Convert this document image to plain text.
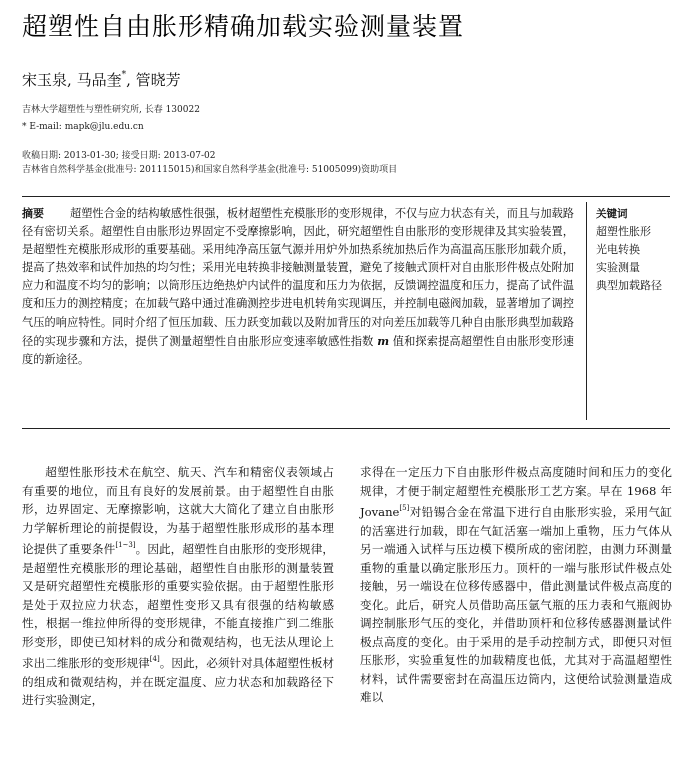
超塑性自由胀形精确加载实验测量装置
宋玉泉, 马品奎*, 管晓芳
吉林大学超塑性与塑性研究所, 长春 130022
* E-mail: mapk@jlu.edu.cn
收稿日期: 2013-01-30; 接受日期: 2013-07-02
吉林省自然科学基金(批准号: 201115015)和国家自然科学基金(批准号: 51005099)资助项目
摘要 超塑性合金的结构敏感性很强，板材超塑性充模胀形的变形规律，不仅与应力状态有关，而且与加载路径有密切关系。超塑性自由胀形边界固定不受摩擦影响，因此，研究超塑性自由胀形的变形规律及其实验装置，是超塑性充模胀形成形的重要基础。采用纯净高压氩气源并用炉外加热系统加热后作为高温高压胀形加载介质，提高了热效率和试件加热的均匀性；采用光电转换非接触测量装置，避免了接触式顶杆对自由胀形件极点处附加应力和温度不均匀的影响；以筒形压边绝热炉内试件的温度和压力为依据，反馈调控温度和压力，提高了试件温度和压力的测控精度；在加载气路中通过准确测控步进电机转角实现调压，并控制电磁阀加载，显著增加了调控气压的响应特性。同时介绍了恒压加载、压力跃变加载以及附加背压的对向差压加载等几种自由胀形典型加载路径的实现步骤和方法，提供了测量超塑性自由胀形应变速率敏感性指数 m 值和探索提高超塑性自由胀形变形速度的新途径。
关键词
超塑性胀形
光电转换
实验测量
典型加载路径

超塑性胀形技术在航空、航天、汽车和精密仪表领域占有重要的地位，而且有良好的发展前景。由于超塑性自由胀形，边界固定、无摩擦影响，这就大大简化了建立自由胀形力学解析理论的前提假设，为基于超塑性胀形成形的基本理论提供了重要条件[1~3]。因此，超塑性自由胀形的变形规律，是超塑性充模胀形的理论基础，超塑性自由胀形的测量装置又是研究超塑性充模胀形的重要实验依据。由于超塑性胀形是处于双拉应力状态，超塑性变形又具有很强的结构敏感性，根据一维拉伸所得的变形规律，不能直接推广到二维胀形变形，即使已知材料的成分和微观结构，也无法从理论上求出二维胀形的变形规律[4]。因此，必须针对具体超塑性板材的组成和微观结构，并在既定温度、应力状态和加载路径下进行实验测定，

求得在一定压力下自由胀形件极点高度随时间和压力的变化规律，才便于制定超塑性充模胀形工艺方案。早在 1968 年 Jovane[5]对铅锡合金在常温下进行自由胀形实验，采用气缸的活塞进行加载，即在气缸活塞一端加上重物，压力气体从另一端通入试样与压边模下模所成的密闭腔，由测力环测量重物的重量以确定胀形压力。顶杆的一端与胀形试件极点处接触，另一端设在位移传感器中，借此测量试件极点高度的变化。此后，研究人员借助高压氩气瓶的压力表和气瓶阀协调控制胀形气压的变化，并借助顶杆和位移传感器测量试件极点高度的变化。由于采用的是手动控制方式，即便只对恒压胀形，实验重复性的加载精度也低，尤其对于高温超塑性材料，试件需要密封在高温压边筒内，这便给试验测量造成难以
